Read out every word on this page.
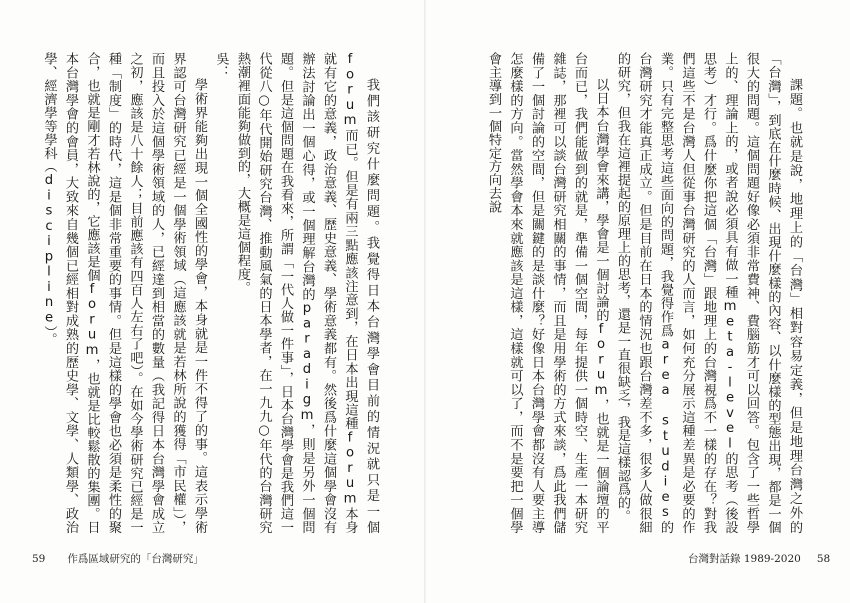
課題。也就是說，地理上的「台灣」相對容易定義，但是地理台灣之外的「台灣」，到底在什麼時候、出現什麼樣的內容、以什麼樣的型態出現，都是一個很大的問題。這個問題好像必須非常費神、費腦筋才可以回答。包含了一些哲學上的、理論上的，或者說必須具有做一種meta-level的思考（後設思考）才行。爲什麼你把這個「台灣」跟地理上的台灣視爲不一樣的存在？對我們這些不是台灣人但從事台灣研究的人而言，如何充分展示這種差異是必要的作業。只有完整思考這些面向的問題，我覺得作爲area studies的台灣研究才能真正成立。但是目前在日本的情況也跟台灣差不多，很多人做很細的研究，但我在這裡提起的原理上的思考，還是一直很缺乏，我是這樣認爲的。

以日本台灣學會來講，學會是一個討論的forum，也就是一個論壇的平台而已，我們能做到的就是，準備一個空間，每年提供一個時空、生產一本研究雜誌，那裡可以談台灣研究相關的事情，而且是用學術的方式來談，爲此我們儲備了一個討論的空間，但是關鍵的是談什麼？好像日本台灣學會都沒有人要主導怎麼樣的方向。當然學會本來就應該是這樣，這樣就可以了，而不是要把一個學會主導到一個特定方向去說

我們該研究什麼問題。我覺得日本台灣學會目前的情況就只是一個forum而已。但是有兩三點應該注意到，在日本出現這種forum本身就有它的意義，政治意義、歷史意義、學術意義都有。然後爲什麼這個學會沒有辦法討論出一個心得，或一個理解台灣的paradigm，則是另外一個問題。但是這個問題在我看來，所謂「一代人做一件事」，日本台灣學會是我們這一代從八○年代開始研究台灣、推動風氣的日本學者，在一九九○年代的台灣研究熱潮裡面能夠做到的，大概是這個程度。

吳：

學術界能夠出現一個全國性的學會，本身就是一件不得了的事。這表示學術界認可台灣研究已經是一個學術領域（這應該就是若林所說的獲得「市民權」），而且投入於這個學術領域的人，已經達到相當的數量（我記得日本台灣學會成立之初，應該是八十餘人；目前應該有四百人左右了吧）。在如今學術研究已經是一種「制度」的時代，這是個非常重要的事情。但是這樣的學會也必須是柔性的聚合，也就是剛才若林說的，它應該是個forum，也就是比較鬆散的集團。日本台灣學會的會員，大致來自幾個已經相對成熟的歷史學、文學、人類學、政治學、經濟學等學科（discipline）。

59 作爲區域研究的「台灣研究」	台灣對話錄 1989-2020 58
